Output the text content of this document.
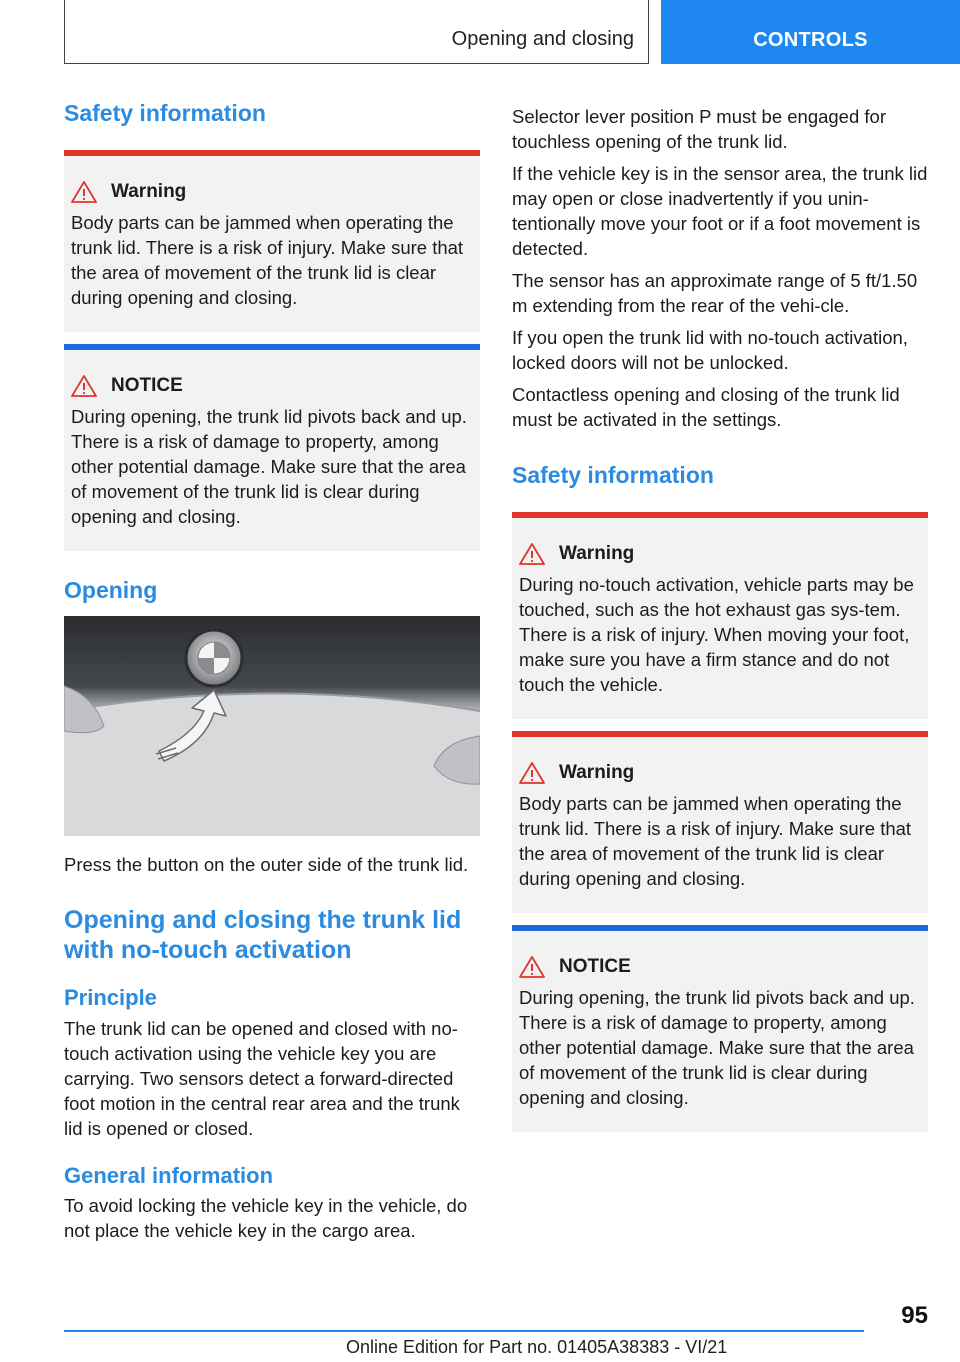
Opening and closing	CONTROLS
Safety information
Warning

Body parts can be jammed when operating the trunk lid. There is a risk of injury. Make sure that the area of movement of the trunk lid is clear during opening and closing.

NOTICE

During opening, the trunk lid pivots back and up. There is a risk of damage to property, among other potential damage. Make sure that the area of movement of the trunk lid is clear during opening and closing.

Opening

Press the button on the outer side of the trunk lid.

Opening and closing the trunk lid with no-touch activation
Principle

The trunk lid can be opened and closed with no-touch activation using the vehicle key you are carrying. Two sensors detect a forward-directed foot motion in the central rear area and the trunk lid is opened or closed.

General information

To avoid locking the vehicle key in the vehicle, do not place the vehicle key in the cargo area.

Selector lever position P must be engaged for touchless opening of the trunk lid.

If the vehicle key is in the sensor area, the trunk lid may open or close inadvertently if you unin-tentionally move your foot or if a foot movement is detected.

The sensor has an approximate range of 5 ft/1.50 m extending from the rear of the vehi-cle.

If you open the trunk lid with no-touch activation, locked doors will not be unlocked.

Contactless opening and closing of the trunk lid must be activated in the settings.

Safety information
Warning

During no-touch activation, vehicle parts may be touched, such as the hot exhaust gas sys-tem. There is a risk of injury. When moving your foot, make sure you have a firm stance and do not touch the vehicle.

Warning

Body parts can be jammed when operating the trunk lid. There is a risk of injury. Make sure that the area of movement of the trunk lid is clear during opening and closing.

NOTICE

During opening, the trunk lid pivots back and up. There is a risk of damage to property, among other potential damage. Make sure that the area of movement of the trunk lid is clear during opening and closing.

95
Online Edition for Part no. 01405A38383 - VI/21
